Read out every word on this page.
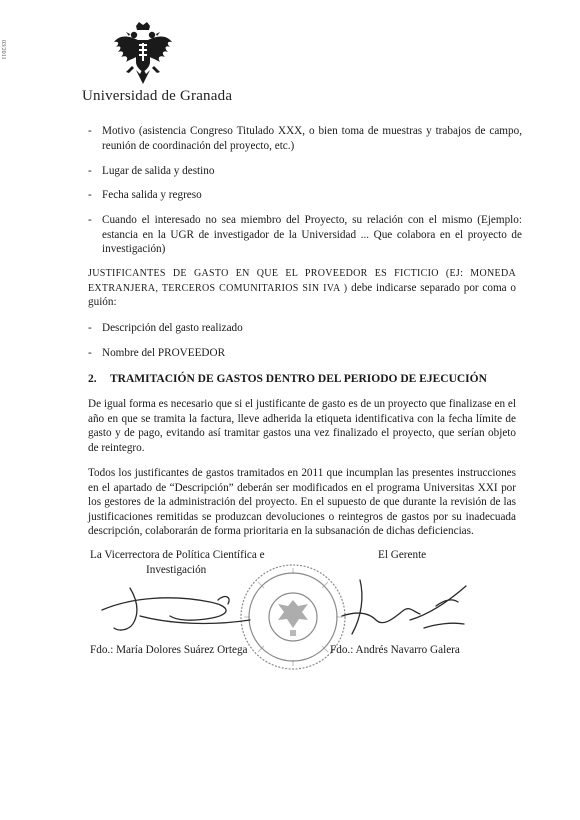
03/2011
Universidad de Granada
- Motivo (asistencia Congreso Titulado XXX, o bien toma de muestras y trabajos de campo, reunión de coordinación del proyecto, etc.)
- Lugar de salida y destino
- Fecha salida y regreso
- Cuando el interesado no sea miembro del Proyecto, su relación con el mismo (Ejemplo: estancia en la UGR de investigador de la Universidad ... Que colabora en el proyecto de investigación)
JUSTIFICANTES DE GASTO EN QUE EL PROVEEDOR ES FICTICIO (EJ: MONEDA EXTRANJERA, TERCEROS COMUNITARIOS SIN IVA ) debe indicarse separado por coma o guión:
- Descripción del gasto realizado
- Nombre del PROVEEDOR
2. TRAMITACIÓN DE GASTOS DENTRO DEL PERIODO DE EJECUCIÓN
De igual forma es necesario que si el justificante de gasto es de un proyecto que finalizase en el año en que se tramita la factura, lleve adherida la etiqueta identificativa con la fecha límite de gasto y de pago, evitando así tramitar gastos una vez finalizado el proyecto, que serían objeto de reintegro.
Todos los justificantes de gastos tramitados en 2011 que incumplan las presentes instrucciones en el apartado de “Descripción” deberán ser modificados en el programa Universitas XXI por los gestores de la administración del proyecto. En el supuesto de que durante la revisión de las justificaciones remitidas se produzcan devoluciones o reintegros de gastos por su inadecuada descripción, colaborarán de forma prioritaria en la subsanación de dichas deficiencias.
La Vicerrectora de Política Científica e
Investigación
El Gerente
Fdo.: María Dolores Suárez Ortega	Fdo.: Andrés Navarro Galera
